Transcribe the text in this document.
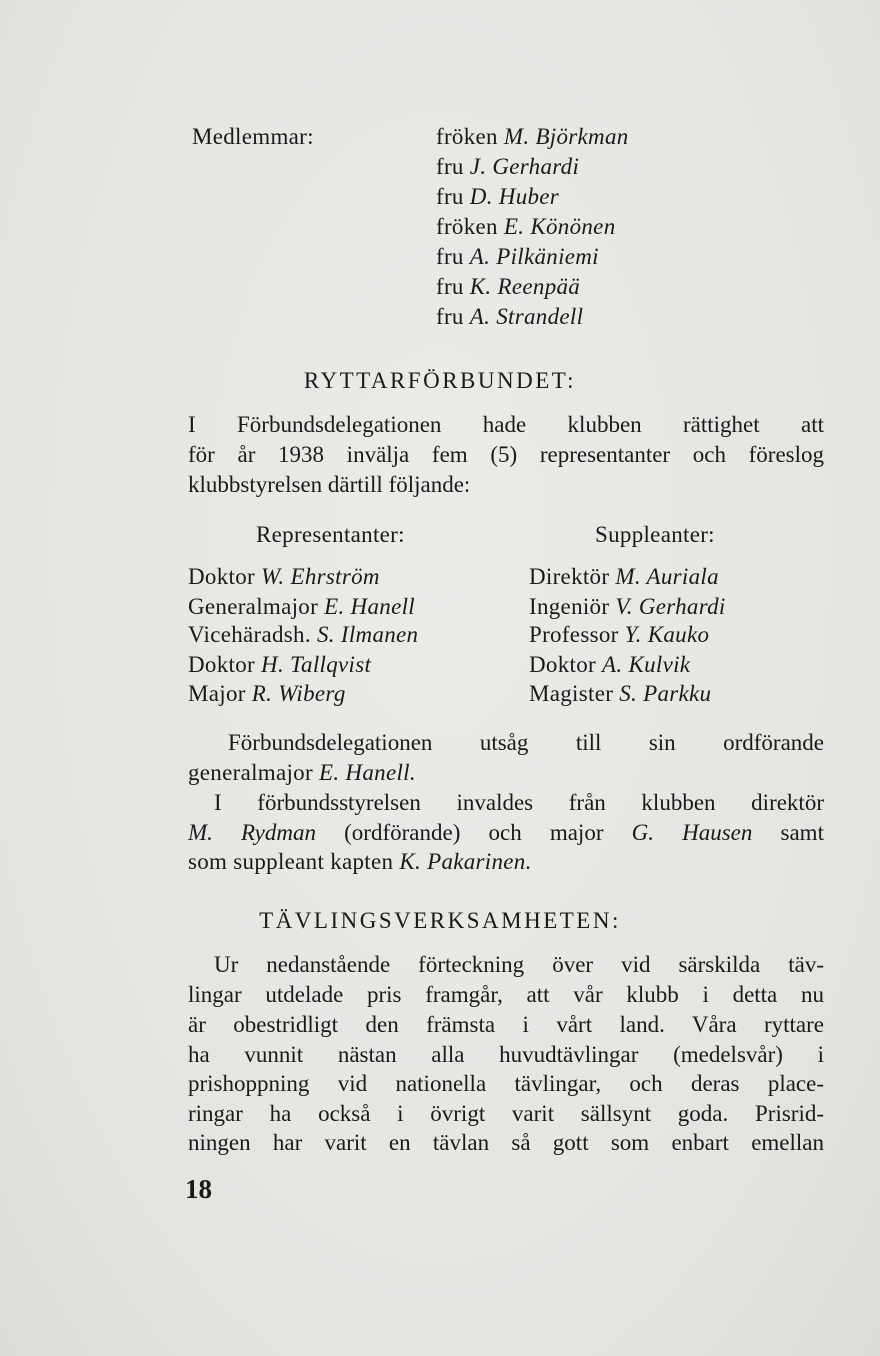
Medlemmar:	fröken M. Björkman
fru J. Gerhardi
fru D. Huber
fröken E. Könönen
fru A. Pilkäniemi
fru K. Reenpää
fru A. Strandell
RYTTARFÖRBUNDET:
I Förbundsdelegationen hade klubben rättighet att
för år 1938 invälja fem (5) representanter och föreslog
klubbstyrelsen därtill följande:
Representanter:	Suppleanter:
Doktor W. Ehrström
Generalmajor E. Hanell
Vicehäradsh. S. Ilmanen
Doktor H. Tallqvist
Major R. Wiberg
Direktör M. Auriala
Ingeniör V. Gerhardi
Professor Y. Kauko
Doktor A. Kulvik
Magister S. Parkku
Förbundsdelegationen utsåg till sin ordförande
generalmajor E. Hanell.
I förbundsstyrelsen invaldes från klubben direktör
M. Rydman (ordförande) och major G. Hausen samt
som suppleant kapten K. Pakarinen.
TÄVLINGSVERKSAMHETEN:
Ur nedanstående förteckning över vid särskilda täv-
lingar utdelade pris framgår, att vår klubb i detta nu
är obestridligt den främsta i vårt land. Våra ryttare
ha vunnit nästan alla huvudtävlingar (medelsvår) i
prishoppning vid nationella tävlingar, och deras place-
ringar ha också i övrigt varit sällsynt goda. Prisrid-
ningen har varit en tävlan så gott som enbart emellan
18
